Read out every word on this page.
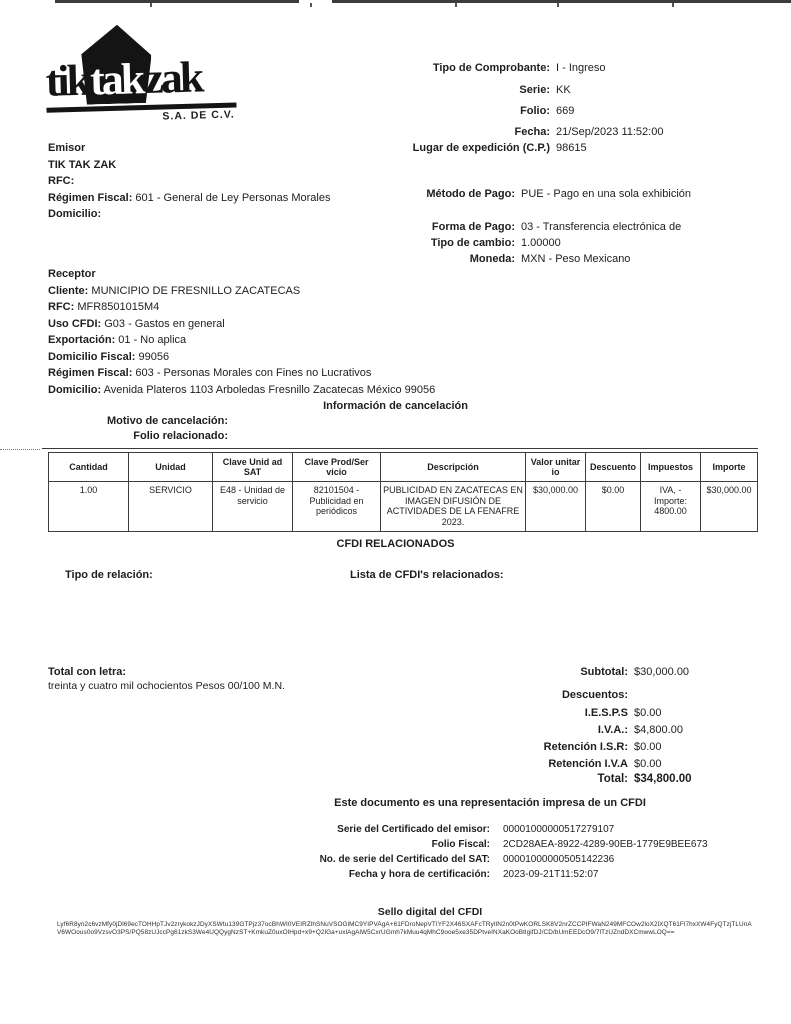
tiktakzak
S.A. DE C.V.
Tipo de Comprobante: I - Ingreso
Serie: KK
Folio: 669
Fecha: 21/Sep/2023 11:52:00
Lugar de expedición (C.P.) 98615
Método de Pago: PUE - Pago en una sola exhibición
Forma de Pago: 03 - Transferencia electrónica de
Tipo de cambio: 1.00000
Moneda: MXN - Peso Mexicano
Emisor
TIK TAK ZAK
RFC:
Régimen Fiscal: 601 - General de Ley Personas Morales
Domicilio:
Receptor
Cliente: MUNICIPIO DE FRESNILLO ZACATECAS
RFC: MFR8501015M4
Uso CFDI: G03 - Gastos en general
Exportación: 01 - No aplica
Domicilio Fiscal: 99056
Régimen Fiscal: 603 - Personas Morales con Fines no Lucrativos
Domicilio: Avenida Plateros 1103 Arboledas Fresnillo Zacatecas México 99056
Información de cancelación
Motivo de cancelación:
Folio relacionado:
Cantidad	Unidad	Clave Unid ad SAT	Clave Prod/Ser vicio	Descripción	Valor unitar io	Descuento	Impuestos	Importe
1.00	SERVICIO	E48 - Unidad de servicio	82101504 - Publicidad en periódicos	PUBLICIDAD EN ZACATECAS EN IMAGEN DIFUSIÓN DE ACTIVIDADES DE LA FENAFRE 2023.	$30,000.00	$0.00	IVA, - Importe: 4800.00	$30,000.00
CFDI RELACIONADOS
Tipo de relación:	Lista de CFDI's relacionados:
Total con letra:
treinta y cuatro mil ochocientos Pesos 00/100 M.N.
Subtotal: $30,000.00
Descuentos:
I.E.S.P.S $0.00
I.V.A.: $4,800.00
Retención I.S.R: $0.00
Retención I.V.A $0.00
Total: $34,800.00
Este documento es una representación impresa de un CFDI
Serie del Certificado del emisor: 00001000000517279107
Folio Fiscal: 2CD28AEA-8922-4289-90EB-1779E9BEE673
No. de serie del Certificado del SAT: 00001000000505142236
Fecha y hora de certificación: 2023-09-21T11:52:07
Sello digital del CFDI
Lyf6R8yn2c6vzMfy0jDl69ecTOHHpTJv2zrykokzJDyXSWtu139GTPjz37ocBhWI0VEIRZlhSNuVSOGlMC9YIPVAgA+61FDroNepVTIYF2X46SXAFcTRyIlN2n0tPwKORLSK8V2nrZCCPIFWaN249MFCOw2loX2lXQT61Fl7hxXW4FyQTzjTLUnAV6WOous0o9VzsvO3PS/PQ58zUJccPg61zkS3We4UQQygNzST+KmkuZ0uxOlHpd+x9+Q2lGa+uxlAgAlW5CxrUGmh7kMuu4qMhC9ooe5xe35DPtveINXaKOoBtlgifDJ/CD/bUmEEDcO9/7lTzUZndDXCmwwLOQ==
